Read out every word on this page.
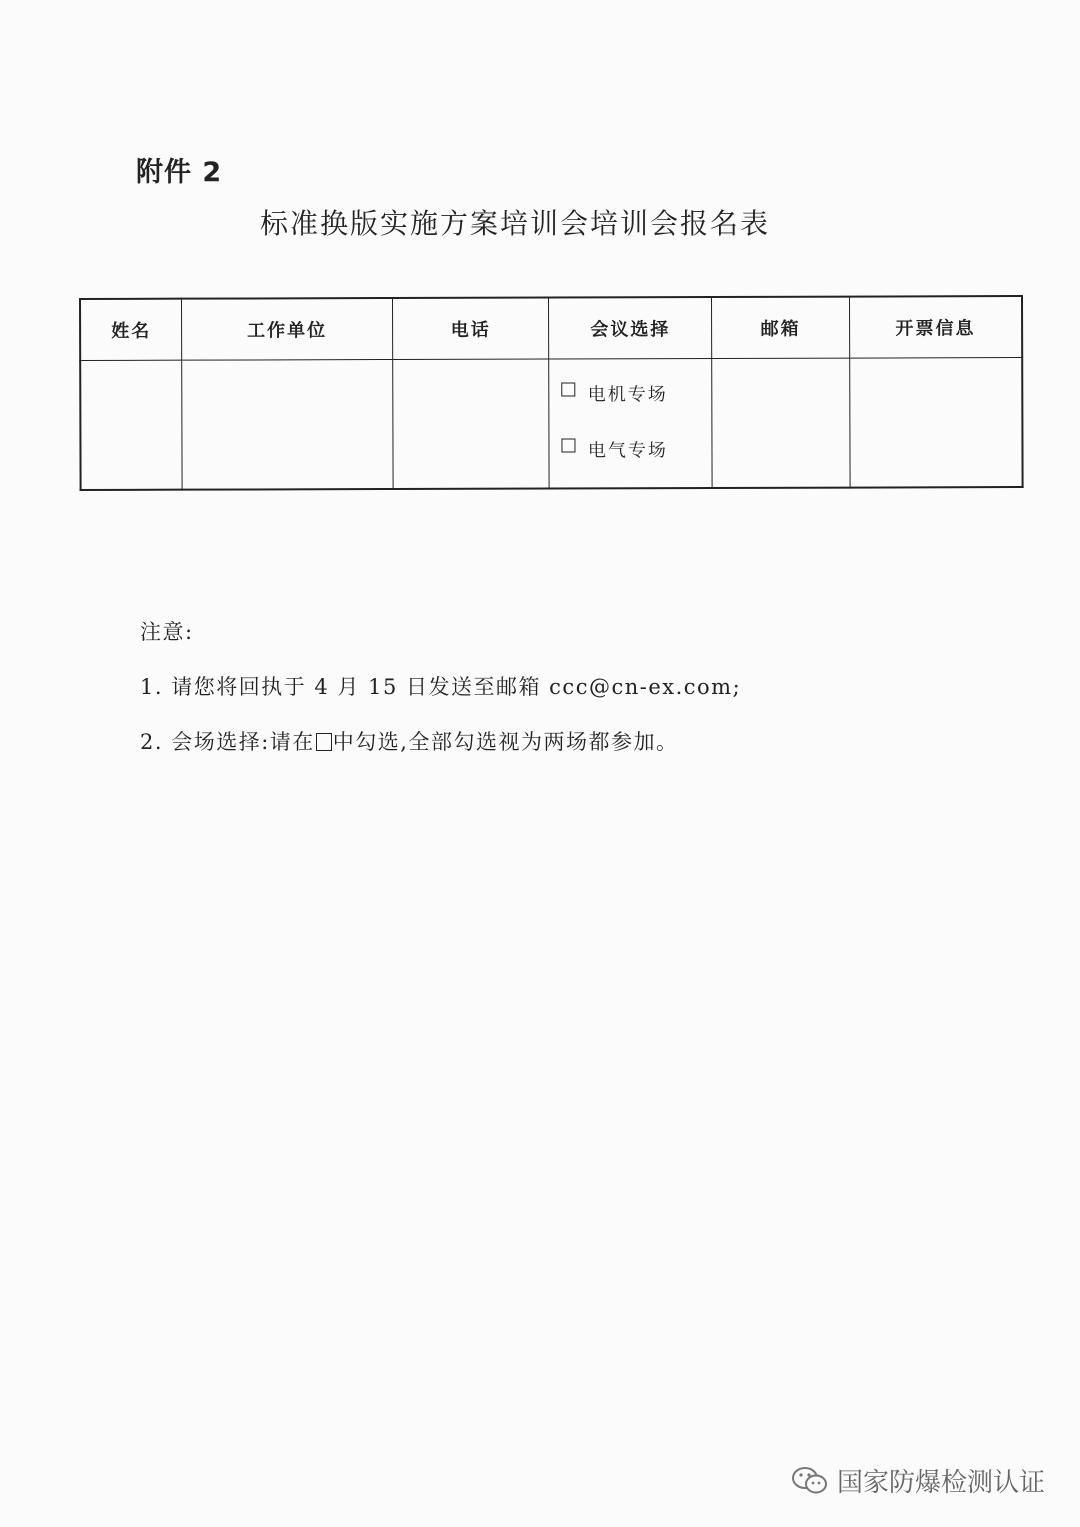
附件 2
标准换版实施方案培训会培训会报名表
姓名	工作单位	电话	会议选择	邮箱	开票信息

			电机专场
电气专场		

注意:

1. 请您将回执于 4 月 15 日发送至邮箱 ccc@cn-ex.com;

2. 会场选择:请在 中勾选,全部勾选视为两场都参加。

国家防爆检测认证
